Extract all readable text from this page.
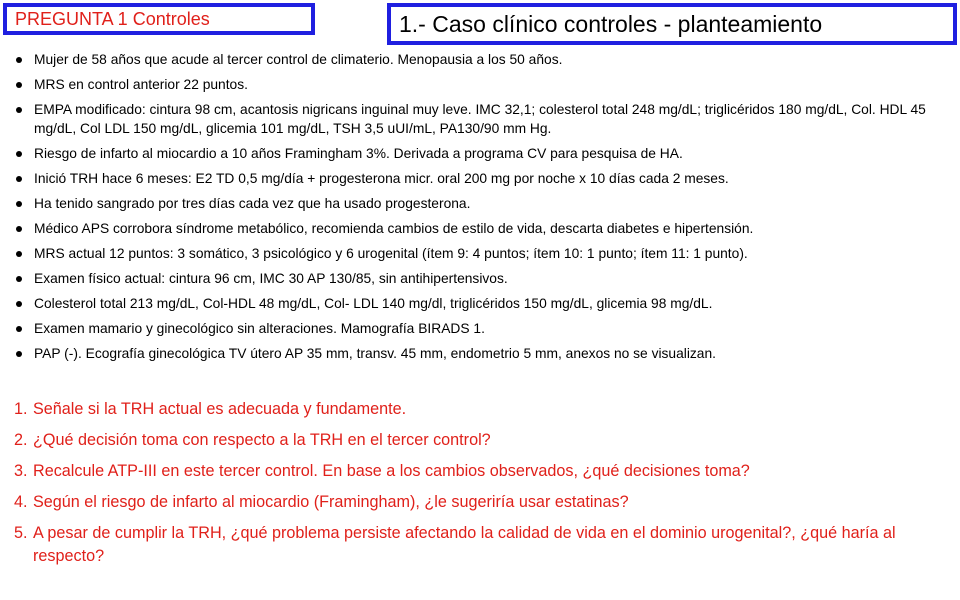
PREGUNTA 1 Controles	1.- Caso clínico controles - planteamiento
Mujer de 58 años que acude al tercer control de climaterio. Menopausia a los 50 años.
MRS en control anterior 22 puntos.
EMPA modificado: cintura 98 cm, acantosis nigricans inguinal muy leve. IMC 32,1; colesterol total 248 mg/dL; triglicéridos 180 mg/dL, Col. HDL 45 mg/dL, Col LDL 150 mg/dL, glicemia 101 mg/dL, TSH 3,5 uUI/mL, PA130/90 mm Hg.
Riesgo de infarto al miocardio a 10 años Framingham 3%. Derivada a programa CV para pesquisa de HA.
Inició TRH hace 6 meses: E2 TD 0,5 mg/día + progesterona micr. oral 200 mg por noche x 10 días cada 2 meses.
Ha tenido sangrado por tres días cada vez que ha usado progesterona.
Médico APS corrobora síndrome metabólico, recomienda cambios de estilo de vida, descarta diabetes e hipertensión.
MRS actual 12 puntos: 3 somático, 3 psicológico y 6 urogenital (ítem 9: 4 puntos; ítem 10: 1 punto; ítem 11: 1 punto).
Examen físico actual: cintura 96 cm, IMC 30 AP 130/85, sin antihipertensivos.
Colesterol total 213 mg/dL, Col-HDL 48 mg/dL, Col- LDL 140 mg/dl, triglicéridos 150 mg/dL, glicemia 98 mg/dL.
Examen mamario y ginecológico sin alteraciones. Mamografía BIRADS 1.
PAP (-). Ecografía ginecológica TV útero AP 35 mm, transv. 45 mm, endometrio 5 mm, anexos no se visualizan.
1. Señale si la TRH actual es adecuada y fundamente.
2. ¿Qué decisión toma con respecto a la TRH en el tercer control?
3. Recalcule ATP-III en este tercer control. En base a los cambios observados, ¿qué decisiones toma?
4. Según el riesgo de infarto al miocardio (Framingham), ¿le sugeriría usar estatinas?
5. A pesar de cumplir la TRH, ¿qué problema persiste afectando la calidad de vida en el dominio urogenital?, ¿qué haría al respecto?
